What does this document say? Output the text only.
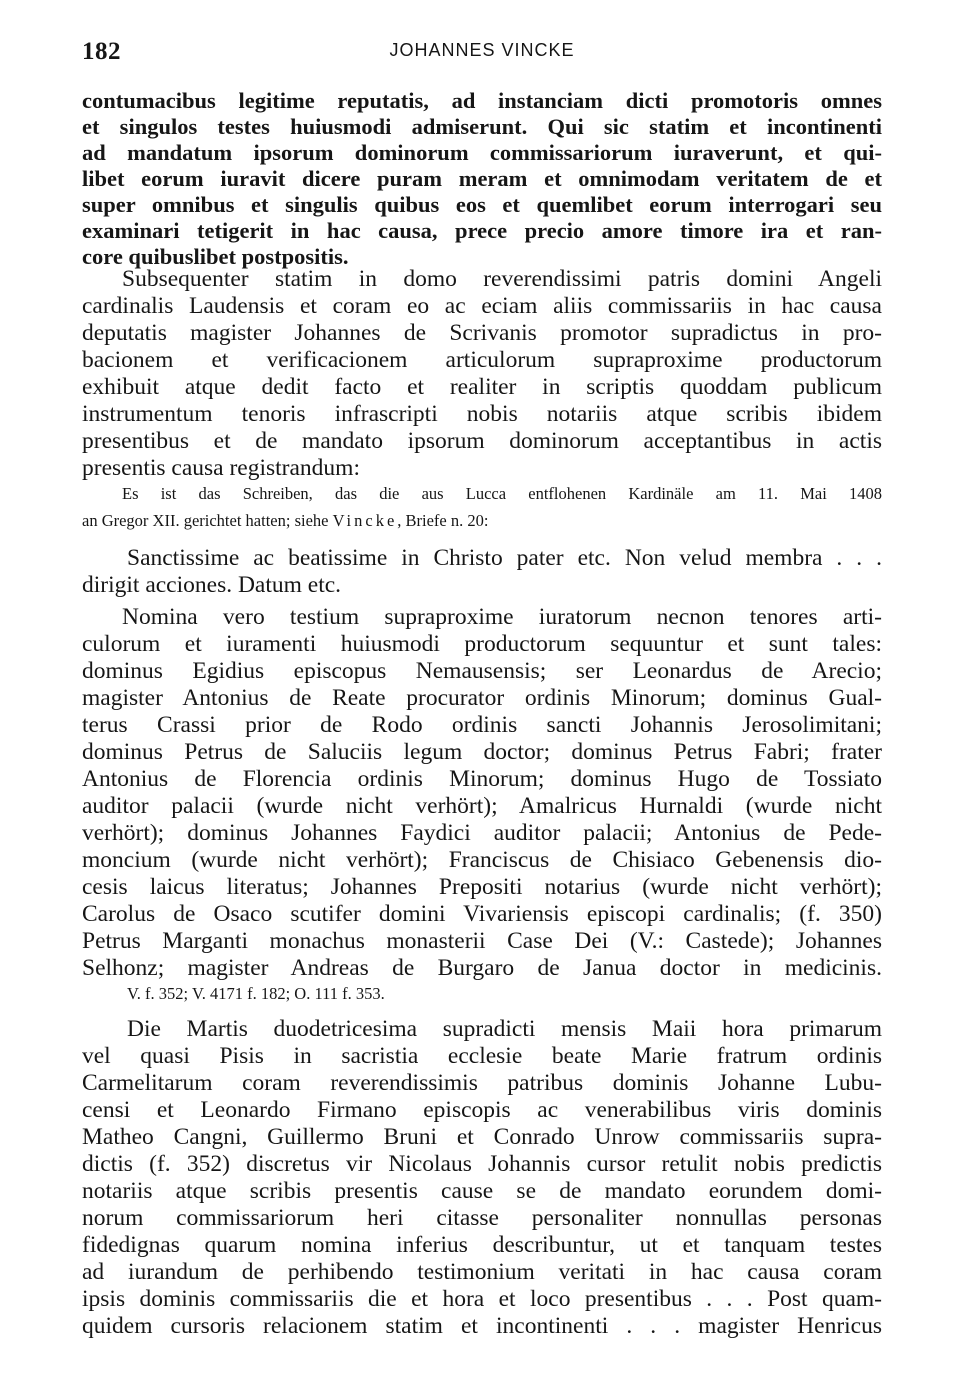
182	JOHANNES VINCKE
contumacibus legitime reputatis, ad instanciam dicti promotoris omnes
et singulos testes huiusmodi admiserunt. Qui sic statim et incontinenti
ad mandatum ipsorum dominorum commissariorum iuraverunt, et qui-
libet eorum iuravit dicere puram meram et omnimodam veritatem de et
super omnibus et singulis quibus eos et quemlibet eorum interrogari seu
examinari tetigerit in hac causa, prece precio amore timore ira et ran-
core quibuslibet postpositis.
Subsequenter statim in domo reverendissimi patris domini Angeli
cardinalis Laudensis et coram eo ac eciam aliis commissariis in hac causa
deputatis magister Johannes de Scrivanis promotor supradictus in pro-
bacionem et verificacionem articulorum supraproxime productorum
exhibuit atque dedit facto et realiter in scriptis quoddam publicum
instrumentum tenoris infrascripti nobis notariis atque scribis ibidem
presentibus et de mandato ipsorum dominorum acceptantibus in actis
presentis causa registrandum:
Es ist das Schreiben, das die aus Lucca entflohenen Kardinäle am 11. Mai 1408
an Gregor XII. gerichtet hatten; siehe Vincke, Briefe n. 20:
Sanctissime ac beatissime in Christo pater etc. Non velud membra . . .
dirigit acciones. Datum etc.
Nomina vero testium supraproxime iuratorum necnon tenores arti-
culorum et iuramenti huiusmodi productorum sequuntur et sunt tales:
dominus Egidius episcopus Nemausensis; ser Leonardus de Arecio;
magister Antonius de Reate procurator ordinis Minorum; dominus Gual-
terus Crassi prior de Rodo ordinis sancti Johannis Jerosolimitani;
dominus Petrus de Saluciis legum doctor; dominus Petrus Fabri; frater
Antonius de Florencia ordinis Minorum; dominus Hugo de Tossiato
auditor palacii (wurde nicht verhört); Amalricus Hurnaldi (wurde nicht
verhört); dominus Johannes Faydici auditor palacii; Antonius de Pede-
moncium (wurde nicht verhört); Franciscus de Chisiaco Gebenensis dio-
cesis laicus literatus; Johannes Prepositi notarius (wurde nicht verhört);
Carolus de Osaco scutifer domini Vivariensis episcopi cardinalis; (f. 350)
Petrus Marganti monachus monasterii Case Dei (V.: Castede); Johannes
Selhonz; magister Andreas de Burgaro de Janua doctor in medicinis.
V. f. 352; V. 4171 f. 182; O. 111 f. 353.
Die Martis duodetricesima supradicti mensis Maii hora primarum
vel quasi Pisis in sacristia ecclesie beate Marie fratrum ordinis
Carmelitarum coram reverendissimis patribus dominis Johanne Lubu-
censi et Leonardo Firmano episcopis ac venerabilibus viris dominis
Matheo Cangni, Guillermo Bruni et Conrado Unrow commissariis supra-
dictis (f. 352) discretus vir Nicolaus Johannis cursor retulit nobis predictis
notariis atque scribis presentis cause se de mandato eorundem domi-
norum commissariorum heri citasse personaliter nonnullas personas
fidedignas quarum nomina inferius describuntur, ut et tanquam testes
ad iurandum de perhibendo testimonium veritati in hac causa coram
ipsis dominis commissariis die et hora et loco presentibus . . . Post quam-
quidem cursoris relacionem statim et incontinenti . . . magister Henricus
